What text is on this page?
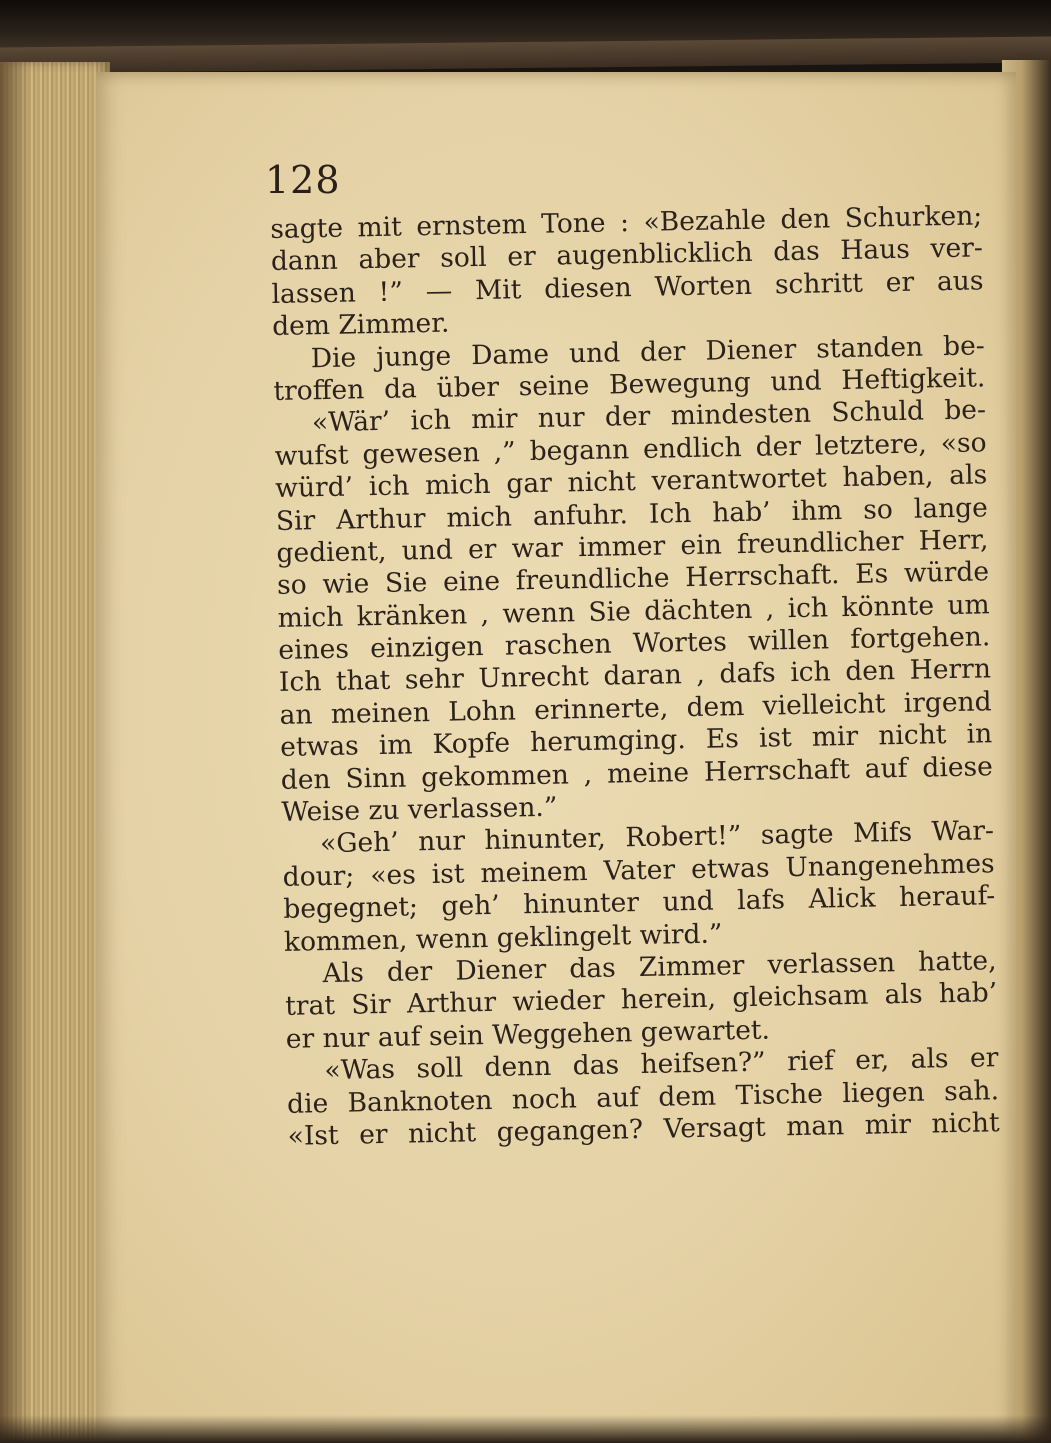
128
sagte mit ernstem Tone : «Bezahle den Schurken;
dann aber soll er augenblicklich das Haus ver-
lassen !” — Mit diesen Worten schritt er aus
dem Zimmer.
Die junge Dame und der Diener standen be-
troffen da über seine Bewegung und Heftigkeit.
«Wär’ ich mir nur der mindesten Schuld be-
wufst gewesen ,” begann endlich der letztere, «so
würd’ ich mich gar nicht verantwortet haben, als
Sir Arthur mich anfuhr. Ich hab’ ihm so lange
gedient, und er war immer ein freundlicher Herr,
so wie Sie eine freundliche Herrschaft. Es würde
mich kränken , wenn Sie dächten , ich könnte um
eines einzigen raschen Wortes willen fortgehen.
Ich that sehr Unrecht daran , dafs ich den Herrn
an meinen Lohn erinnerte, dem vielleicht irgend
etwas im Kopfe herumging. Es ist mir nicht in
den Sinn gekommen , meine Herrschaft auf diese
Weise zu verlassen.”
«Geh’ nur hinunter, Robert!” sagte Mifs War-
dour; «es ist meinem Vater etwas Unangenehmes
begegnet; geh’ hinunter und lafs Alick herauf-
kommen, wenn geklingelt wird.”
Als der Diener das Zimmer verlassen hatte,
trat Sir Arthur wieder herein, gleichsam als hab’
er nur auf sein Weggehen gewartet.
«Was soll denn das heifsen?” rief er, als er
die Banknoten noch auf dem Tische liegen sah.
«Ist er nicht gegangen? Versagt man mir nicht
